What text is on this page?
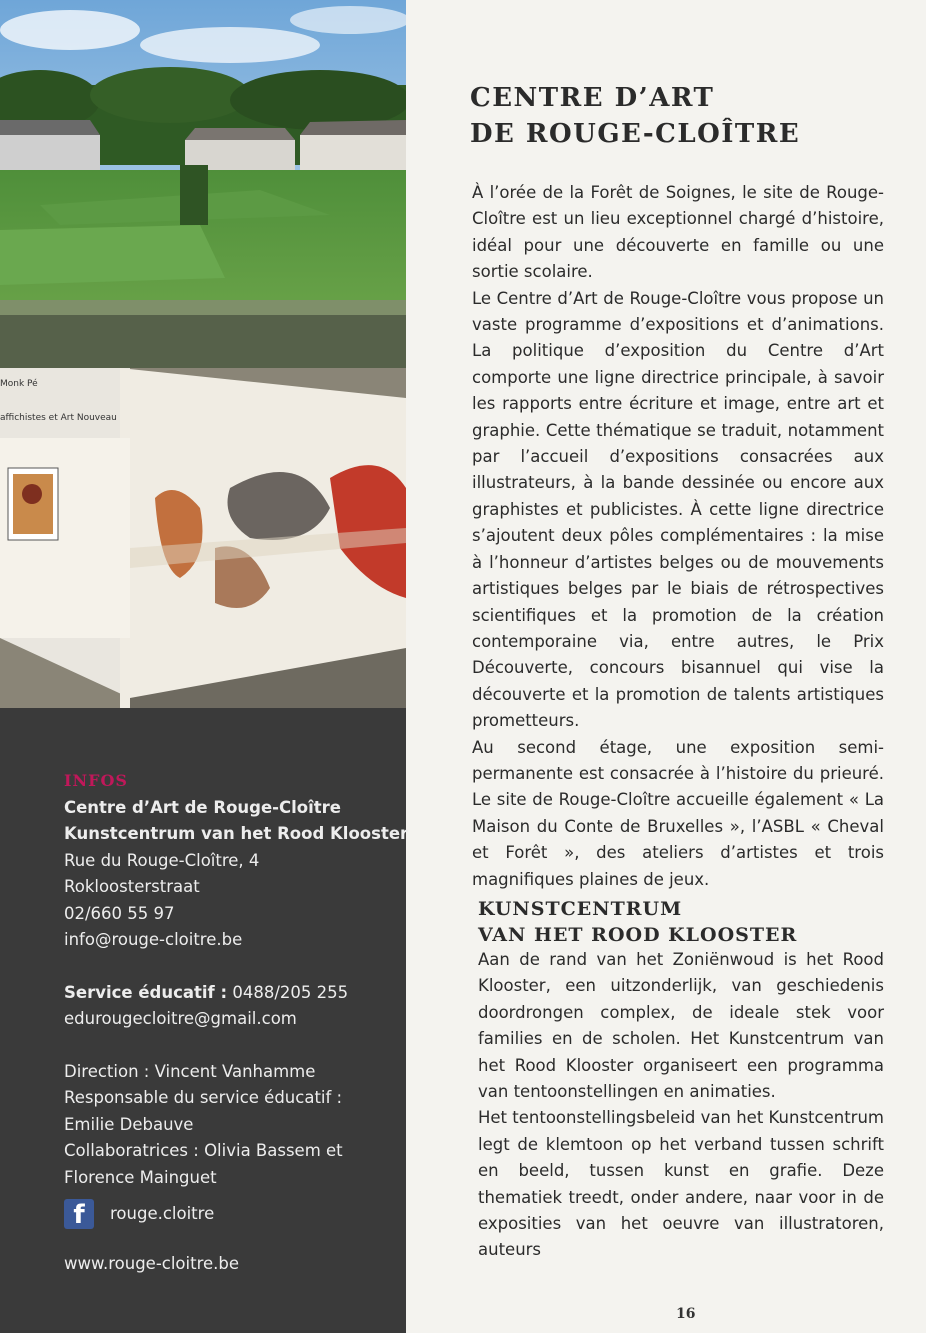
Monk Pé
affichistes et Art Nouveau
INFOS
Centre d’Art de Rouge-Cloître
Kunstcentrum van het Rood Klooster
Rue du Rouge-Cloître, 4
Rokloosterstraat
02/660 55 97
info@rouge-cloitre.be
Service éducatif : 0488/205 255
edurougecloitre@gmail.com
Direction : Vincent Vanhamme
Responsable du service éducatif :
Emilie Debauve
Collaboratrices : Olivia Bassem et
Florence Mainguet
f	rouge.cloitre
www.rouge-cloitre.be
CENTRE D’ART
DE ROUGE-CLOÎTRE
À l’orée de la Forêt de Soignes, le site de Rouge-Cloître est un lieu exceptionnel chargé d’histoire, idéal pour une découverte en famille ou une sortie scolaire.
Le Centre d’Art de Rouge-Cloître vous propose un vaste programme d’expositions et d’animations. La politique d’exposition du Centre d’Art comporte une ligne directrice principale, à savoir les rapports entre écriture et image, entre art et graphie. Cette thématique se traduit, notamment par l’accueil d’expositions consacrées aux illustrateurs, à la bande dessinée ou encore aux graphistes et publicistes. À cette ligne directrice s’ajoutent deux pôles complémentaires : la mise à l’honneur d’artistes belges ou de mouvements artistiques belges par le biais de rétrospectives scientifiques et la promotion de la création contemporaine via, entre autres, le Prix Découverte, concours bisannuel qui vise la découverte et la promotion de talents artistiques prometteurs.
Au second étage, une exposition semi-permanente est consacrée à l’histoire du prieuré. Le site de Rouge-Cloître accueille également « La Maison du Conte de Bruxelles », l’ASBL « Cheval et Forêt », des ateliers d’artistes et trois magnifiques plaines de jeux.
KUNSTCENTRUM
VAN HET ROOD KLOOSTER
Aan de rand van het Zoniënwoud is het Rood Klooster, een uitzonderlijk, van geschiedenis doordrongen complex, de ideale stek voor families en de scholen. Het Kunstcentrum van het Rood Klooster organiseert een programma van tentoonstellingen en animaties.
Het tentoonstellingsbeleid van het Kunstcentrum legt de klemtoon op het verband tussen schrift en beeld, tussen kunst en grafie. Deze thematiek treedt, onder andere, naar voor in de exposities van het oeuvre van illustratoren, auteurs
16
